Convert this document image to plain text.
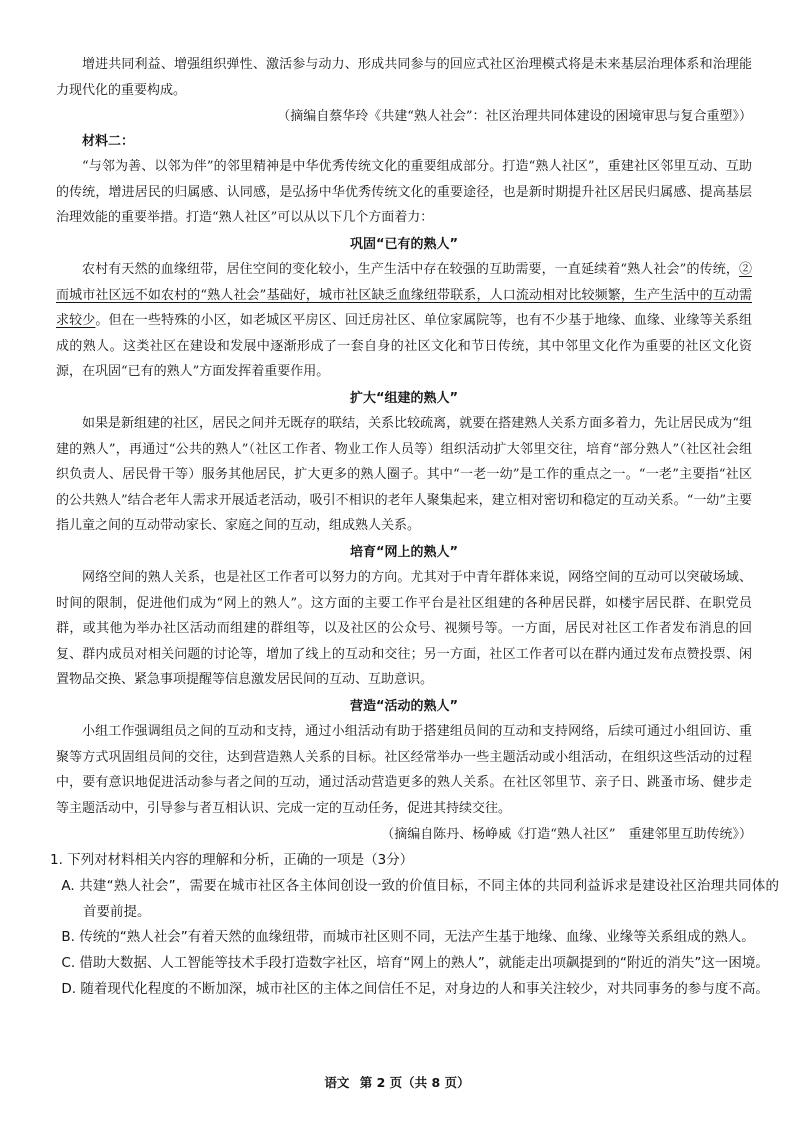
增进共同利益、增强组织弹性、激活参与动力、形成共同参与的回应式社区治理模式将是未来基层治理体系和治理能力现代化的重要构成。

（摘编自蔡华玲《共建“熟人社会”：社区治理共同体建设的困境审思与复合重塑》）

材料二：

“与邻为善、以邻为伴”的邻里精神是中华优秀传统文化的重要组成部分。打造“熟人社区”，重建社区邻里互动、互助的传统，增进居民的归属感、认同感，是弘扬中华优秀传统文化的重要途径，也是新时期提升社区居民归属感、提高基层治理效能的重要举措。打造“熟人社区”可以从以下几个方面着力：

巩固“已有的熟人”

农村有天然的血缘纽带，居住空间的变化较小，生产生活中存在较强的互助需要，一直延续着“熟人社会”的传统，②而城市社区远不如农村的“熟人社会”基础好，城市社区缺乏血缘纽带联系，人口流动相对比较频繁，生产生活中的互动需求较少。但在一些特殊的小区，如老城区平房区、回迁房社区、单位家属院等，也有不少基于地缘、血缘、业缘等关系组成的熟人。这类社区在建设和发展中逐渐形成了一套自身的社区文化和节日传统，其中邻里文化作为重要的社区文化资源，在巩固“已有的熟人”方面发挥着重要作用。

扩大“组建的熟人”

如果是新组建的社区，居民之间并无既存的联结，关系比较疏离，就要在搭建熟人关系方面多着力，先让居民成为“组建的熟人”，再通过“公共的熟人”（社区工作者、物业工作人员等）组织活动扩大邻里交往，培育“部分熟人”（社区社会组织负责人、居民骨干等）服务其他居民，扩大更多的熟人圈子。其中“一老一幼”是工作的重点之一。“一老”主要指“社区的公共熟人”结合老年人需求开展适老活动，吸引不相识的老年人聚集起来，建立相对密切和稳定的互动关系。“一幼”主要指儿童之间的互动带动家长、家庭之间的互动，组成熟人关系。

培育“网上的熟人”

网络空间的熟人关系，也是社区工作者可以努力的方向。尤其对于中青年群体来说，网络空间的互动可以突破场域、时间的限制，促进他们成为“网上的熟人”。这方面的主要工作平台是社区组建的各种居民群，如楼宇居民群、在职党员群，或其他为举办社区活动而组建的群组等，以及社区的公众号、视频号等。一方面，居民对社区工作者发布消息的回复、群内成员对相关问题的讨论等，增加了线上的互动和交往；另一方面，社区工作者可以在群内通过发布点赞投票、闲置物品交换、紧急事项提醒等信息激发居民间的互动、互助意识。

营造“活动的熟人”

小组工作强调组员之间的互动和支持，通过小组活动有助于搭建组员间的互动和支持网络，后续可通过小组回访、重聚等方式巩固组员间的交往，达到营造熟人关系的目标。社区经常举办一些主题活动或小组活动，在组织这些活动的过程中，要有意识地促进活动参与者之间的互动，通过活动营造更多的熟人关系。在社区邻里节、亲子日、跳蚤市场、健步走等主题活动中，引导参与者互相认识、完成一定的互动任务，促进其持续交往。

（摘编自陈丹、杨峥威《打造“熟人社区”　重建邻里互助传统》）

1. 下列对材料相关内容的理解和分析，正确的一项是（3分）

A. 共建“熟人社会”，需要在城市社区各主体间创设一致的价值目标，不同主体的共同利益诉求是建设社区治理共同体的首要前提。

B. 传统的“熟人社会”有着天然的血缘纽带，而城市社区则不同，无法产生基于地缘、血缘、业缘等关系组成的熟人。

C. 借助大数据、人工智能等技术手段打造数字社区，培育“网上的熟人”，就能走出项飙提到的“附近的消失”这一困境。

D. 随着现代化程度的不断加深，城市社区的主体之间信任不足，对身边的人和事关注较少，对共同事务的参与度不高。

语文 第 2 页（共 8 页）
